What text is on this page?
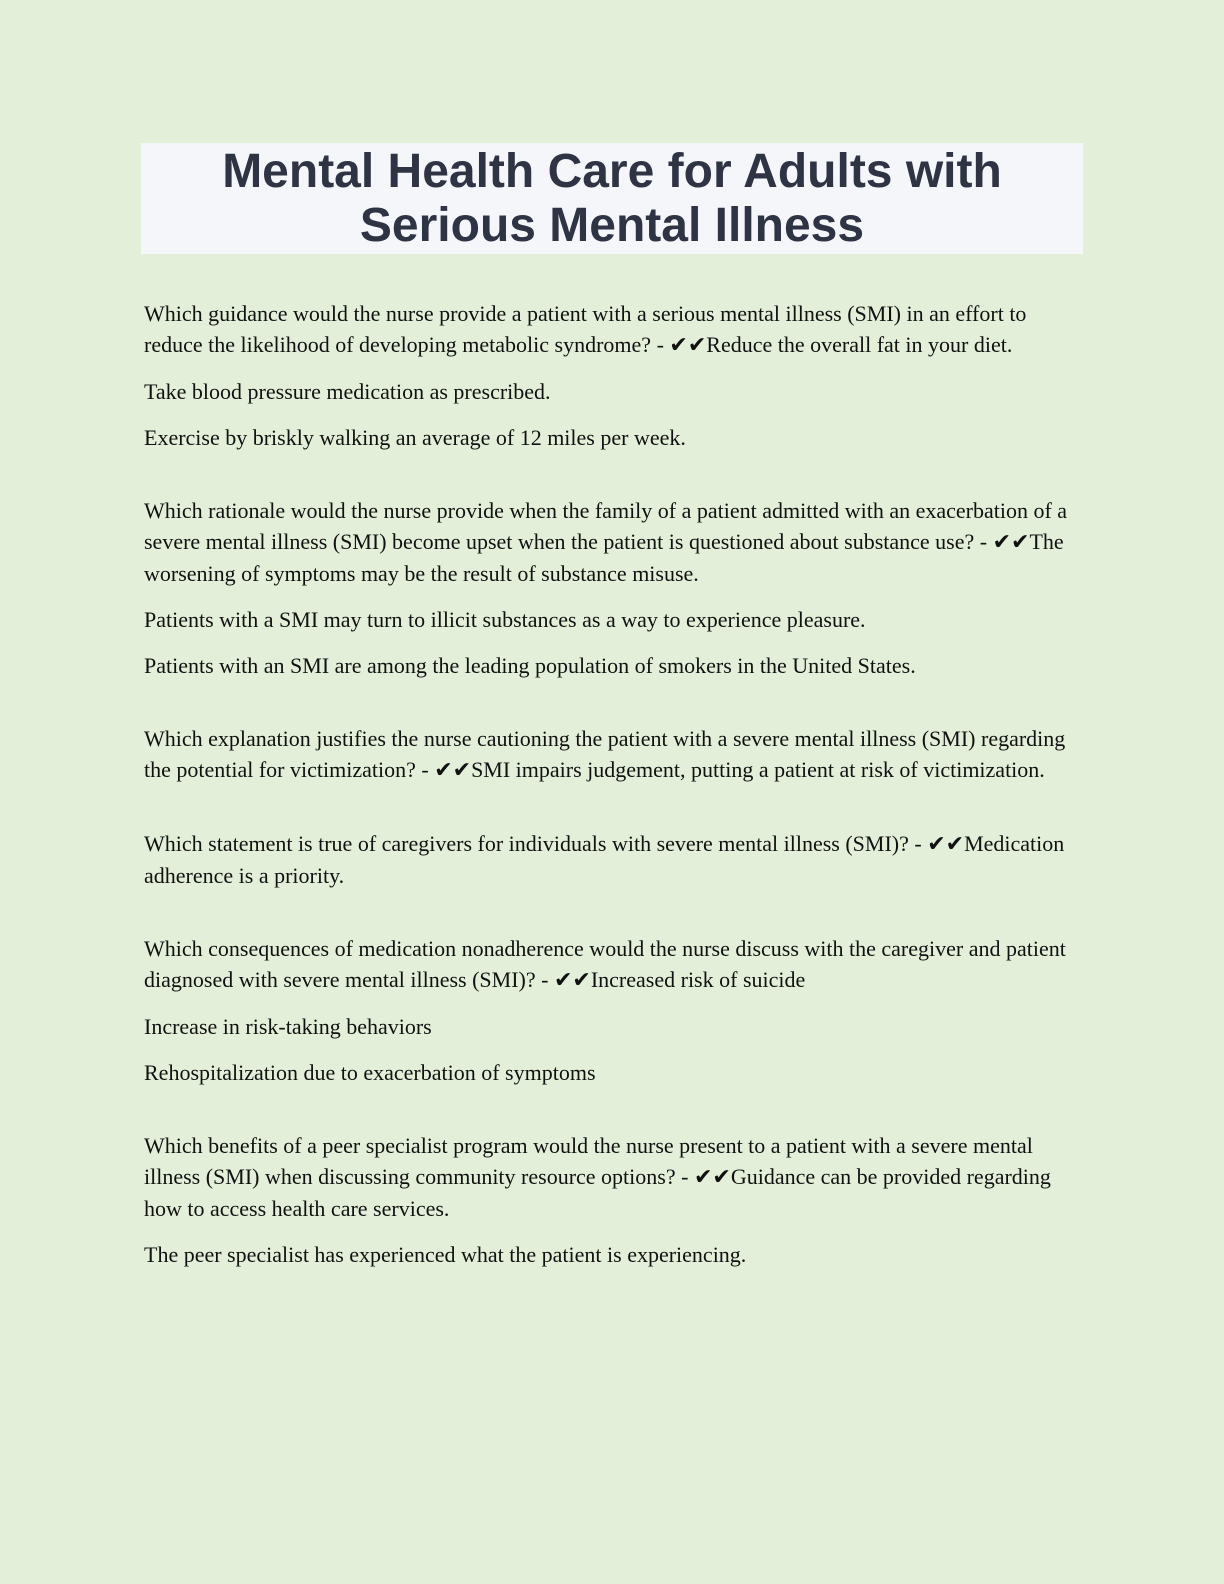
Mental Health Care for Adults with
Serious Mental Illness

Which guidance would the nurse provide a patient with a serious mental illness (SMI) in an effort to reduce the likelihood of developing metabolic syndrome? - ✔✔Reduce the overall fat in your diet.

Take blood pressure medication as prescribed.

Exercise by briskly walking an average of 12 miles per week.

Which rationale would the nurse provide when the family of a patient admitted with an exacerbation of a severe mental illness (SMI) become upset when the patient is questioned about substance use? - ✔✔The worsening of symptoms may be the result of substance misuse.

Patients with a SMI may turn to illicit substances as a way to experience pleasure.

Patients with an SMI are among the leading population of smokers in the United States.

Which explanation justifies the nurse cautioning the patient with a severe mental illness (SMI) regarding the potential for victimization? - ✔✔SMI impairs judgement, putting a patient at risk of victimization.

Which statement is true of caregivers for individuals with severe mental illness (SMI)? - ✔✔Medication adherence is a priority.

Which consequences of medication nonadherence would the nurse discuss with the caregiver and patient diagnosed with severe mental illness (SMI)? - ✔✔Increased risk of suicide

Increase in risk-taking behaviors

Rehospitalization due to exacerbation of symptoms

Which benefits of a peer specialist program would the nurse present to a patient with a severe mental illness (SMI) when discussing community resource options? - ✔✔Guidance can be provided regarding how to access health care services.

The peer specialist has experienced what the patient is experiencing.
